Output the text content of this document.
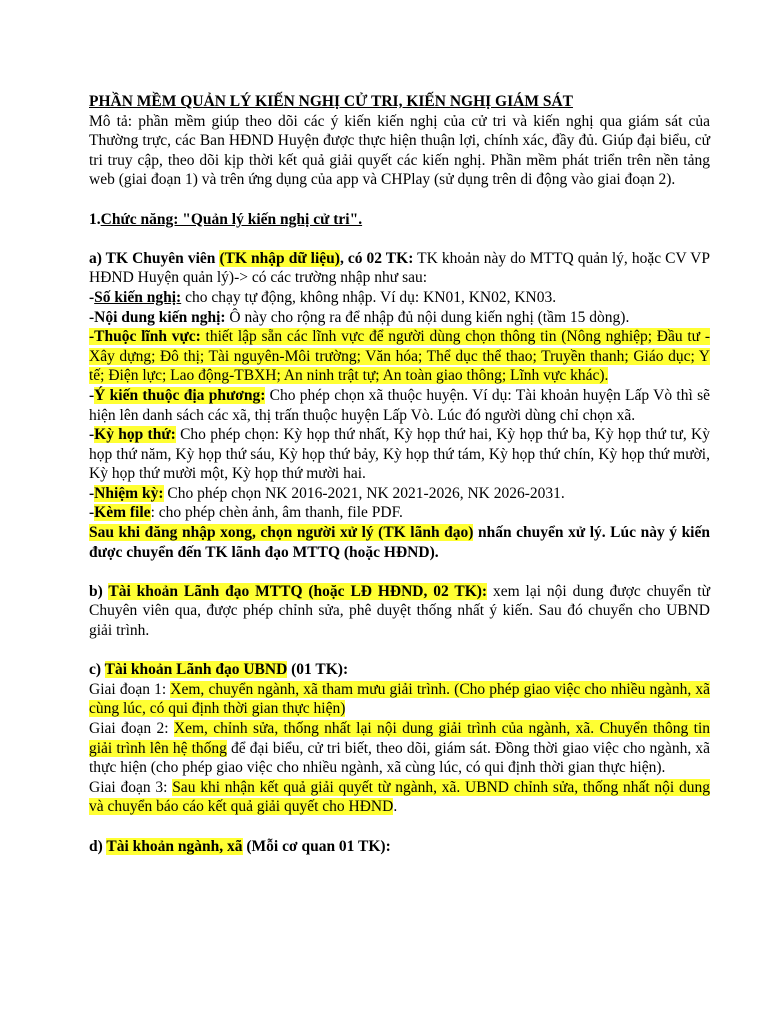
PHẦN MỀM QUẢN LÝ KIẾN NGHỊ CỬ TRI, KIẾN NGHỊ GIÁM SÁT

Mô tả: phần mềm giúp theo dõi các ý kiến kiến nghị của cử tri và kiến nghị qua giám sát của Thường trực, các Ban HĐND Huyện được thực hiện thuận lợi, chính xác, đầy đủ. Giúp đại biểu, cử tri truy cập, theo dõi kịp thời kết quả giải quyết các kiến nghị. Phần mềm phát triển trên nền tảng web (giai đoạn 1) và trên ứng dụng của app và CHPlay (sử dụng trên di động vào giai đoạn 2).

1.Chức năng: "Quản lý kiến nghị cử tri".

a) TK Chuyên viên (TK nhập dữ liệu), có 02 TK: TK khoản này do MTTQ quản lý, hoặc CV VP HĐND Huyện quản lý)-> có các trường nhập như sau:

-Số kiến nghị: cho chạy tự động, không nhập. Ví dụ: KN01, KN02, KN03.

-Nội dung kiến nghị: Ô này cho rộng ra để nhập đủ nội dung kiến nghị (tầm 15 dòng).

-Thuộc lĩnh vực: thiết lập sẵn các lĩnh vực để người dùng chọn thông tin (Nông nghiệp; Đầu tư -Xây dựng; Đô thị; Tài nguyên-Môi trường; Văn hóa; Thể dục thể thao; Truyền thanh; Giáo dục; Y tế; Điện lực; Lao động-TBXH; An ninh trật tự; An toàn giao thông; Lĩnh vực khác).

-Ý kiến thuộc địa phương: Cho phép chọn xã thuộc huyện. Ví dụ: Tài khoản huyện Lấp Vò thì sẽ hiện lên danh sách các xã, thị trấn thuộc huyện Lấp Vò. Lúc đó người dùng chỉ chọn xã.

-Kỳ họp thứ: Cho phép chọn: Kỳ họp thứ nhất, Kỳ họp thứ hai, Kỳ họp thứ ba, Kỳ họp thứ tư, Kỳ họp thứ năm, Kỳ họp thứ sáu, Kỳ họp thứ bảy, Kỳ họp thứ tám, Kỳ họp thứ chín, Kỳ họp thứ mười, Kỳ họp thứ mười một, Kỳ họp thứ mười hai.

-Nhiệm kỳ: Cho phép chọn NK 2016-2021, NK 2021-2026, NK 2026-2031.

-Kèm file: cho phép chèn ảnh, âm thanh, file PDF.

Sau khi đăng nhập xong, chọn người xử lý (TK lãnh đạo) nhấn chuyển xử lý. Lúc này ý kiến được chuyển đến TK lãnh đạo MTTQ (hoặc HĐND).

b) Tài khoản Lãnh đạo MTTQ (hoặc LĐ HĐND, 02 TK): xem lại nội dung được chuyển từ Chuyên viên qua, được phép chỉnh sửa, phê duyệt thống nhất ý kiến. Sau đó chuyển cho UBND giải trình.

c) Tài khoản Lãnh đạo UBND (01 TK):

Giai đoạn 1: Xem, chuyển ngành, xã tham mưu giải trình. (Cho phép giao việc cho nhiều ngành, xã cùng lúc, có qui định thời gian thực hiện)

Giai đoạn 2: Xem, chỉnh sửa, thống nhất lại nội dung giải trình của ngành, xã. Chuyển thông tin giải trình lên hệ thống để đại biểu, cử tri biết, theo dõi, giám sát. Đồng thời giao việc cho ngành, xã thực hiện (cho phép giao việc cho nhiều ngành, xã cùng lúc, có qui định thời gian thực hiện).

Giai đoạn 3: Sau khi nhận kết quả giải quyết từ ngành, xã. UBND chỉnh sửa, thống nhất nội dung và chuyển báo cáo kết quả giải quyết cho HĐND.

d) Tài khoản ngành, xã (Mỗi cơ quan 01 TK):
